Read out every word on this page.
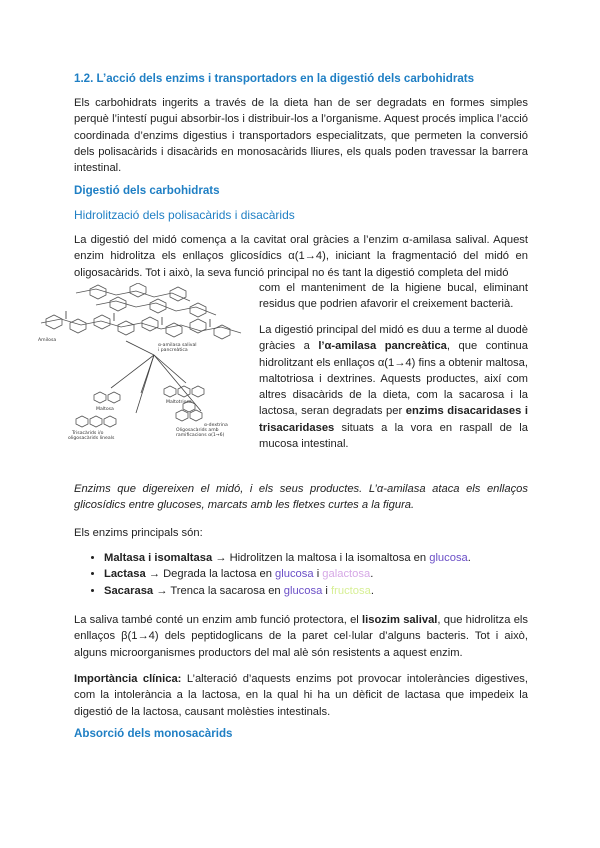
1.2. L’acció dels enzims i transportadors en la digestió dels carbohidrats

Els carbohidrats ingerits a través de la dieta han de ser degradats en formes simples perquè l’intestí pugui absorbir-los i distribuir-los a l’organisme. Aquest procés implica l’acció coordinada d’enzims digestius i transportadors especialitzats, que permeten la conversió dels polisacàrids i disacàrids en monosacàrids lliures, els quals poden travessar la barrera intestinal.

Digestió dels carbohidrats
Hidrolització dels polisacàrids i disacàrids

La digestió del midó comença a la cavitat oral gràcies a l’enzim α-amilasa salival. Aquest enzim hidrolitza els enllaços glicosídics α(1→4), iniciant la fragmentació del midó en oligosacàrids. Tot i això, la seva funció principal no és tant la digestió completa del midó

com el manteniment de la higiene bucal, eliminant residus que podrien afavorir el creixement bacterià.

La digestió principal del midó es duu a terme al duodè gràcies a l’α-amilasa pancreàtica, que continua hidrolitzant els enllaços α(1→4) fins a obtenir maltosa, maltotriosa i dextrines. Aquests productes, així com altres disacàrids de la dieta, com la sacarosa i la lactosa, seran degradats per enzims disacaridases i trisacaridases situats a la vora en raspall de la mucosa intestinal.

Enzims que digereixen el midó, i els seus productes. L’α-amilasa ataca els enllaços glicosídics entre glucoses, marcats amb les fletxes curtes a la figura.

Els enzims principals són:

• Maltasa i isomaltasa → Hidrolitzen la maltosa i la isomaltosa en glucosa.
• Lactasa → Degrada la lactosa en glucosa i galactosa.
• Sacarasa → Trenca la sacarosa en glucosa i fructosa.

La saliva també conté un enzim amb funció protectora, el lisozim salival, que hidrolitza els enllaços β(1→4) dels peptidoglicans de la paret cel·lular d’alguns bacteris. Tot i això, alguns microorganismes productors del mal alè són resistents a aquest enzim.

Importància clínica: L’alteració d’aquests enzims pot provocar intoleràncies digestives, com la intolerància a la lactosa, en la qual hi ha un dèficit de lactasa que impedeix la digestió de la lactosa, causant molèsties intestinals.

Absorció dels monosacàrids
Amilosa
α-amilasa salival i pancreàtica
Maltosa
Maltotriosa
α-dextrina
Trisacàrids i/o oligosacàrids lineals
Oligosacàrids amb ramificacions α(1→6)
